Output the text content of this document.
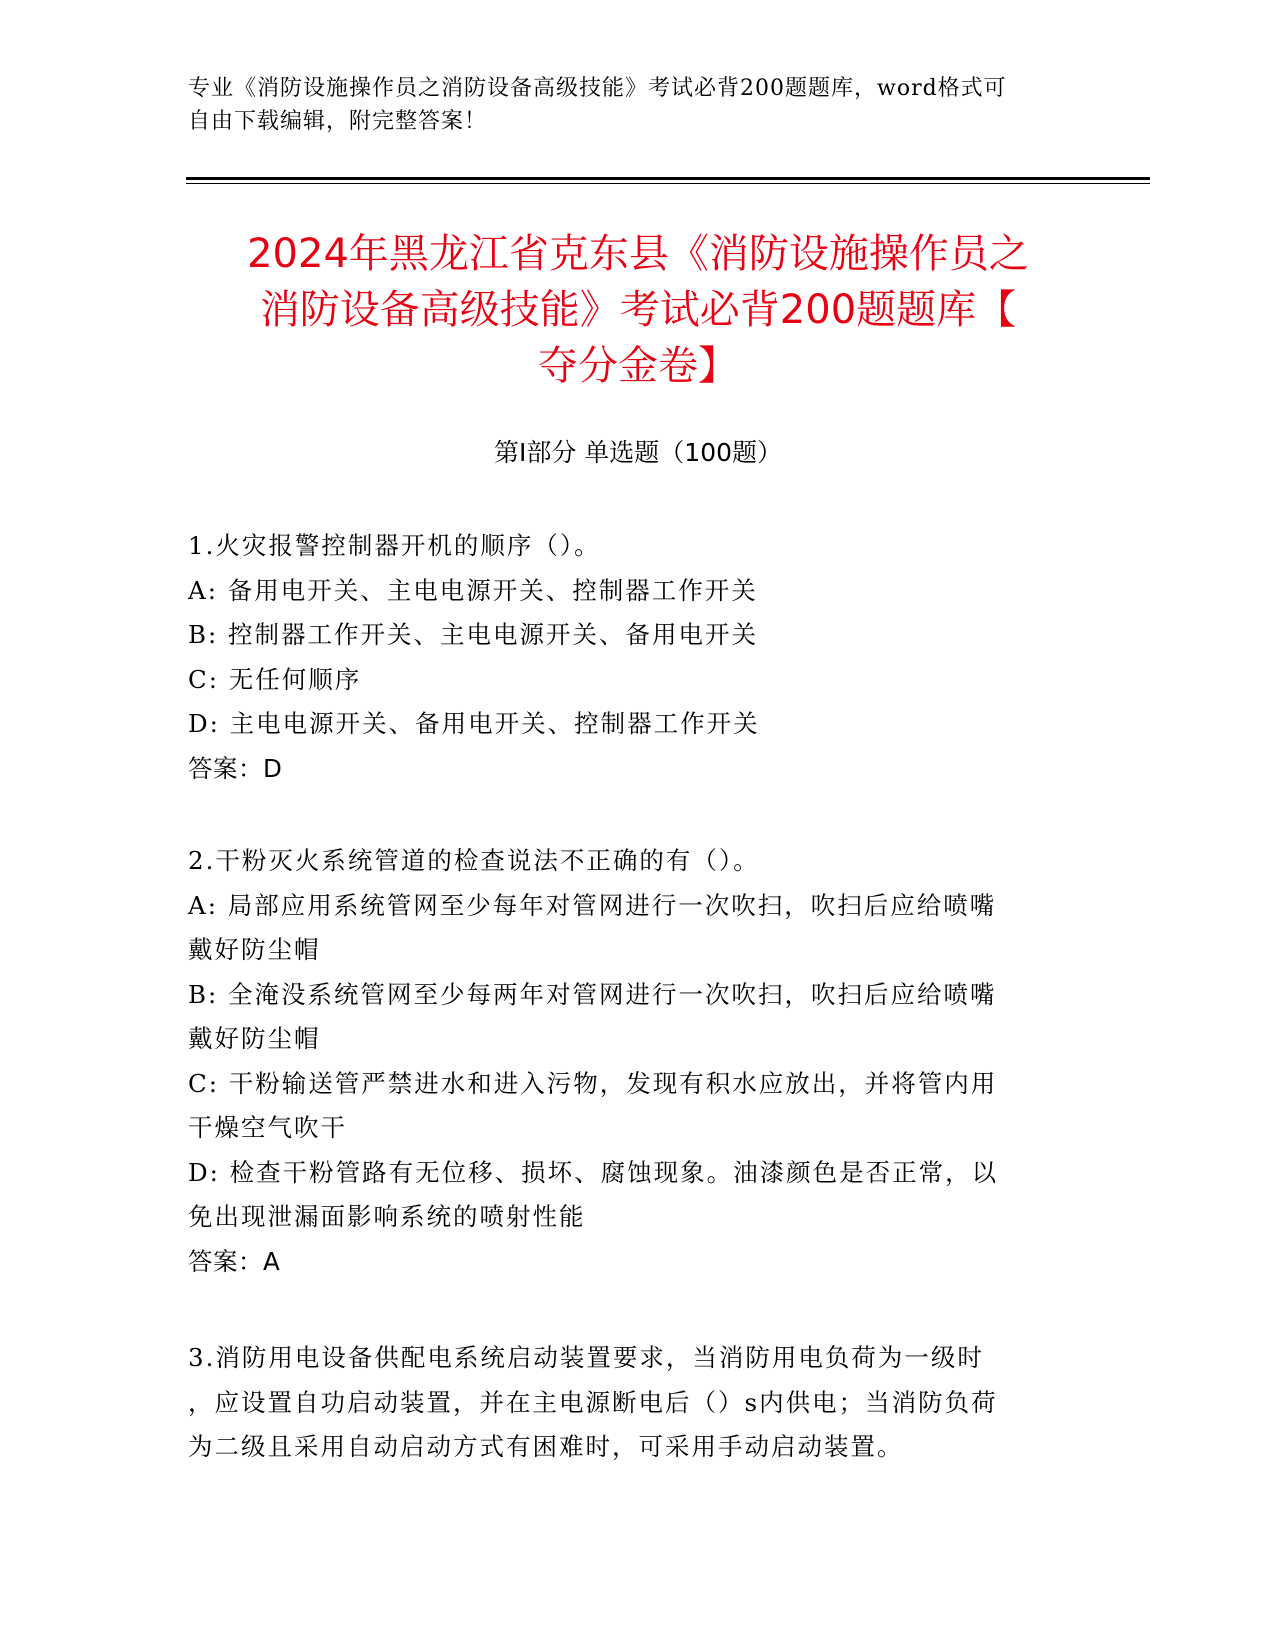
专业《消防设施操作员之消防设备高级技能》考试必背200题题库，word格式可
自由下载编辑，附完整答案！
2024年黑龙江省克东县《消防设施操作员之
消防设备高级技能》考试必背200题题库【
夺分金卷】
第Ⅰ部分 单选题（100题）
1.火灾报警控制器开机的顺序（）。
A: 备用电开关、主电电源开关、控制器工作开关
B: 控制器工作开关、主电电源开关、备用电开关
C: 无任何顺序
D: 主电电源开关、备用电开关、控制器工作开关
答案：D
2.干粉灭火系统管道的检查说法不正确的有（）。
A: 局部应用系统管网至少每年对管网进行一次吹扫，吹扫后应给喷嘴
戴好防尘帽
B: 全淹没系统管网至少每两年对管网进行一次吹扫，吹扫后应给喷嘴
戴好防尘帽
C: 干粉输送管严禁进水和进入污物，发现有积水应放出，并将管内用
干燥空气吹干
D: 检查干粉管路有无位移、损坏、腐蚀现象。油漆颜色是否正常，以
免出现泄漏面影响系统的喷射性能
答案：A
3.消防用电设备供配电系统启动装置要求，当消防用电负荷为一级时
，应设置自功启动装置，并在主电源断电后（）s内供电；当消防负荷
为二级且采用自动启动方式有困难时，可采用手动启动装置。
